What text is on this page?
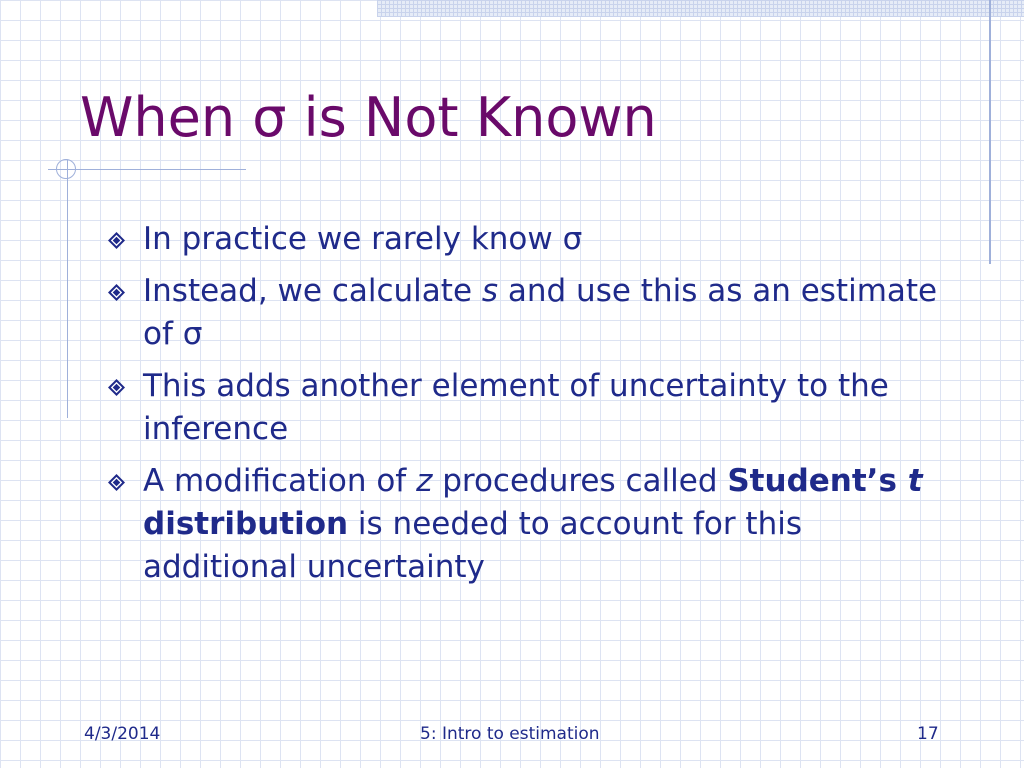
When σ is Not Known
In practice we rarely know σ
Instead, we calculate s and use this as an estimate of σ
This adds another element of uncertainty to the inference
A modification of z procedures called Student’s t distribution is needed to account for this additional uncertainty
4/3/2014	5: Intro to estimation	17
